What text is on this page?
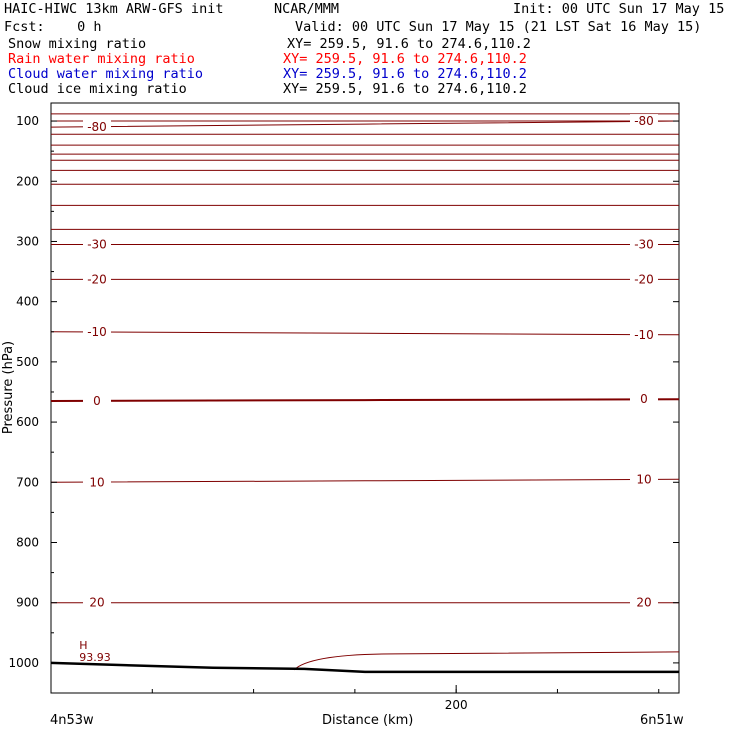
HAIC-HIWC 13km ARW-GFS init	NCAR/MMM	Init: 00 UTC Sun 17 May 15
Fcst:    0 h	Valid: 00 UTC Sun 17 May 15 (21 LST Sat 16 May 15)
Snow mixing ratio	XY= 259.5, 91.6 to 274.6,110.2
Rain water mixing ratio	XY= 259.5, 91.6 to 274.6,110.2
Cloud water mixing ratio	XY= 259.5, 91.6 to 274.6,110.2
Cloud ice mixing ratio	XY= 259.5, 91.6 to 274.6,110.2
-80	-80
-30	-30
-20	-20
-10	-10
0	0
10	10
20	20
100
200
300
400
500
600
700
800
900
1000
200
H
93.93
Pressure (hPa)
Distance (km)
4n53w	6n51w
